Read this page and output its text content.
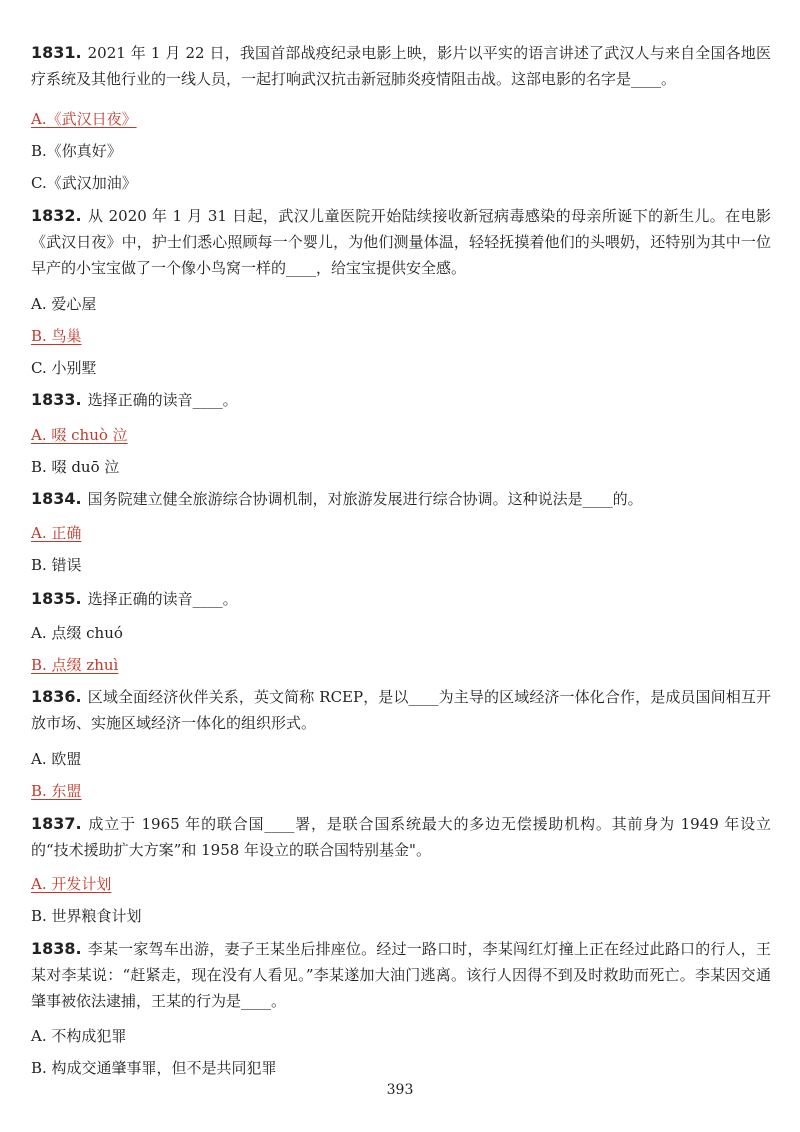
1831. 2021 年 1 月 22 日，我国首部战疫纪录电影上映，影片以平实的语言讲述了武汉人与来自全国各地医疗系统及其他行业的一线人员，一起打响武汉抗击新冠肺炎疫情阻击战。这部电影的名字是____。
A.《武汉日夜》
B.《你真好》
C.《武汉加油》
1832. 从 2020 年 1 月 31 日起，武汉儿童医院开始陆续接收新冠病毒感染的母亲所诞下的新生儿。在电影《武汉日夜》中，护士们悉心照顾每一个婴儿，为他们测量体温，轻轻抚摸着他们的头喂奶，还特别为其中一位早产的小宝宝做了一个像小鸟窝一样的____，给宝宝提供安全感。
A. 爱心屋
B. 鸟巢
C. 小别墅
1833. 选择正确的读音____。
A. 啜 chuò 泣
B. 啜 duō 泣
1834. 国务院建立健全旅游综合协调机制，对旅游发展进行综合协调。这种说法是____的。
A. 正确
B. 错误
1835. 选择正确的读音____。
A. 点缀 chuó
B. 点缀 zhuì
1836. 区域全面经济伙伴关系，英文简称 RCEP，是以____为主导的区域经济一体化合作，是成员国间相互开放市场、实施区域经济一体化的组织形式。
A. 欧盟
B. 东盟
1837. 成立于 1965 年的联合国____署，是联合国系统最大的多边无偿援助机构。其前身为 1949 年设立的“技术援助扩大方案”和 1958 年设立的联合国特别基金"。
A. 开发计划
B. 世界粮食计划
1838. 李某一家驾车出游，妻子王某坐后排座位。经过一路口时，李某闯红灯撞上正在经过此路口的行人，王某对李某说：“赶紧走，现在没有人看见。”李某遂加大油门逃离。该行人因得不到及时救助而死亡。李某因交通肇事被依法逮捕，王某的行为是____。
A. 不构成犯罪
B. 构成交通肇事罪，但不是共同犯罪
393
